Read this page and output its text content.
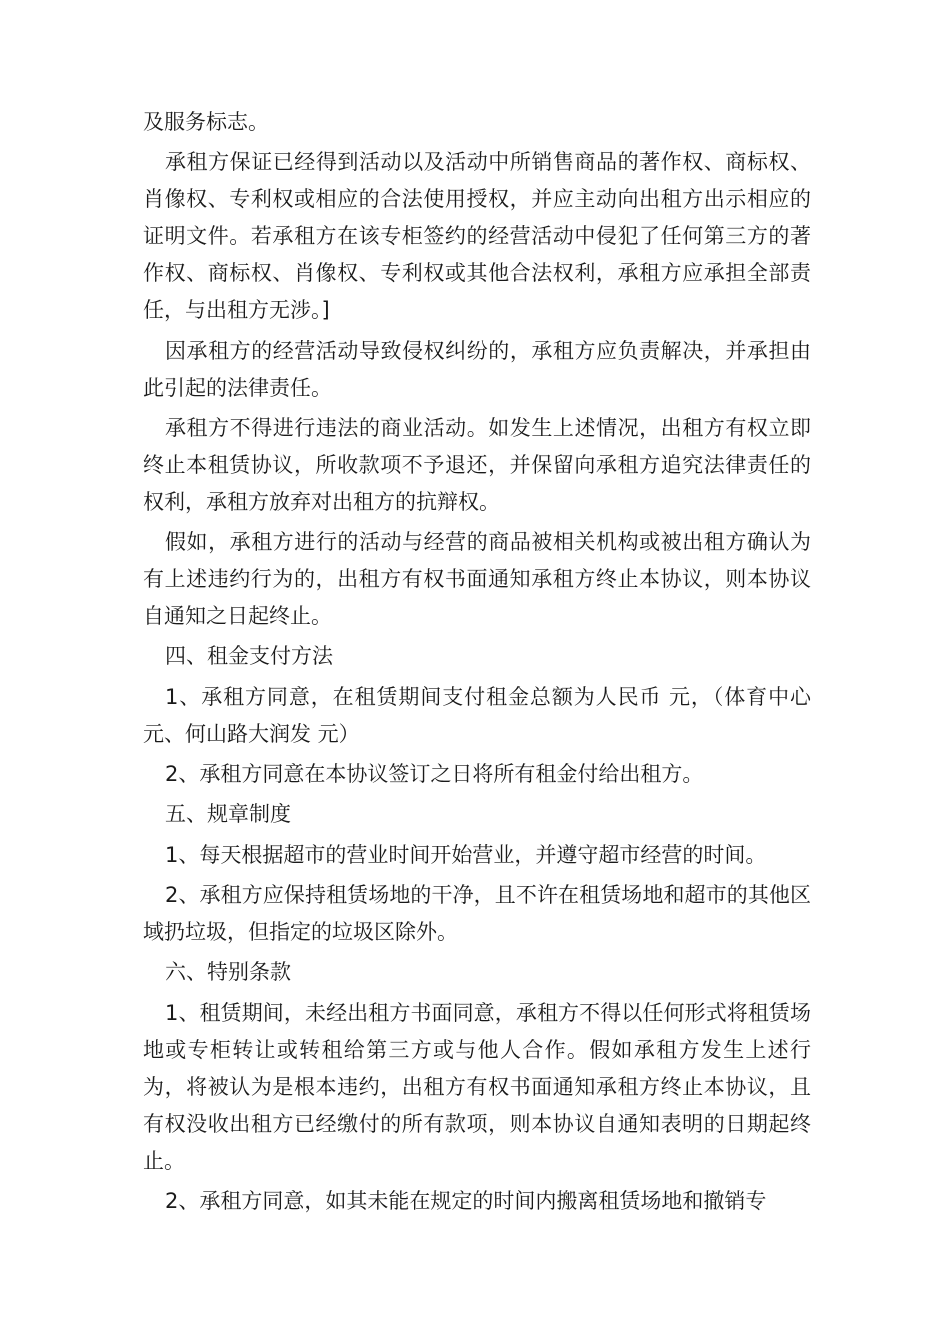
及服务标志。

承租方保证已经得到活动以及活动中所销售商品的著作权、商标权、肖像权、专利权或相应的合法使用授权，并应主动向出租方出示相应的证明文件。若承租方在该专柜签约的经营活动中侵犯了任何第三方的著作权、商标权、肖像权、专利权或其他合法权利，承租方应承担全部责任，与出租方无涉。]

因承租方的经营活动导致侵权纠纷的，承租方应负责解决，并承担由此引起的法律责任。

承租方不得进行违法的商业活动。如发生上述情况，出租方有权立即终止本租赁协议，所收款项不予退还，并保留向承租方追究法律责任的权利，承租方放弃对出租方的抗辩权。

假如，承租方进行的活动与经营的商品被相关机构或被出租方确认为有上述违约行为的，出租方有权书面通知承租方终止本协议，则本协议自通知之日起终止。

四、租金支付方法

1、承租方同意，在租赁期间支付租金总额为人民币 元，（体育中心 元、何山路大润发 元）

2、承租方同意在本协议签订之日将所有租金付给出租方。

五、规章制度

1、每天根据超市的营业时间开始营业，并遵守超市经营的时间。

2、承租方应保持租赁场地的干净，且不许在租赁场地和超市的其他区域扔垃圾，但指定的垃圾区除外。

六、特别条款

1、租赁期间，未经出租方书面同意，承租方不得以任何形式将租赁场地或专柜转让或转租给第三方或与他人合作。假如承租方发生上述行为，将被认为是根本违约，出租方有权书面通知承租方终止本协议，且有权没收出租方已经缴付的所有款项，则本协议自通知表明的日期起终止。

2、承租方同意，如其未能在规定的时间内搬离租赁场地和撤销专
